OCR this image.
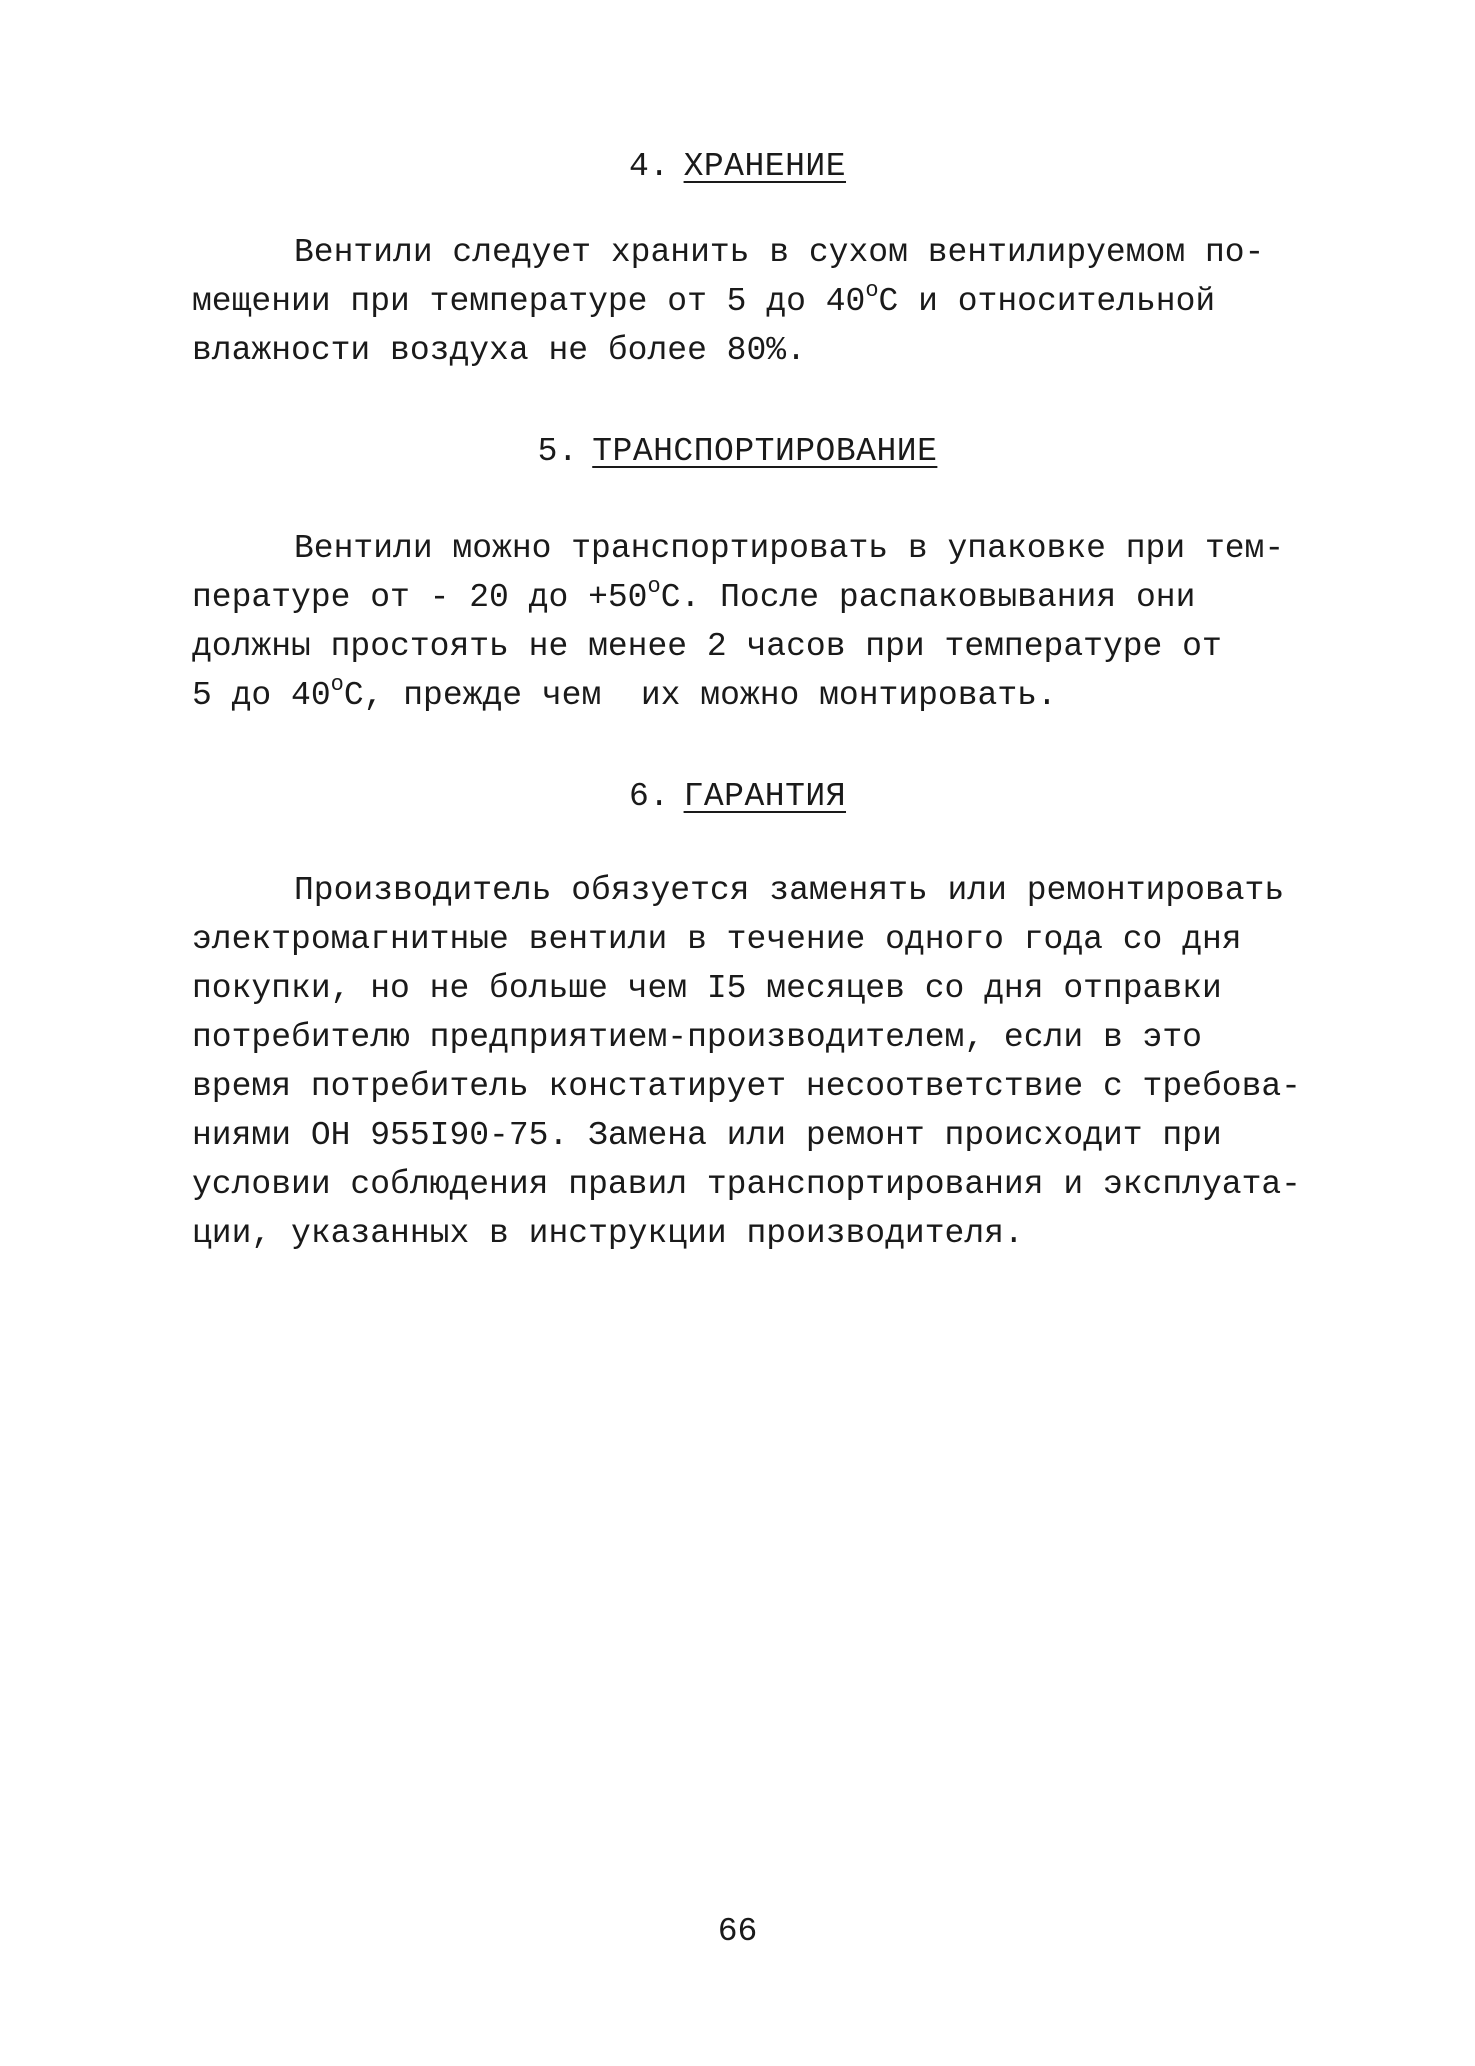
4. ХРАНЕНИЕ
Вентили следует хранить в сухом вентилируемом по-
мещении при температуре от 5 до 40$^o$C и относительной
влажности воздуха не более 80%.
5. ТРАНСПОРТИРОВАНИЕ
Вентили можно транспортировать в упаковке при тем-
пературе от - 20 до $+50^oC$. После распаковывания они
должны простоять не менее 2 часов при температуре от
5 до 40$^o$C, прежде чем  их можно монтировать.
6. ГАРАНТИЯ
Производитель обязуется заменять или ремонтировать
электромагнитные вентили в течение одного года со дня
покупки, но не больше чем I5 месяцев со дня отправки
потребителю предприятием-производителем, если в это
время потребитель констатирует несоответствие с требова-
ниями ОН 955I90-75. Замена или ремонт происходит при
условии соблюдения правил транспортирования и эксплуата-
ции, указанных в инструкции производителя.
66
